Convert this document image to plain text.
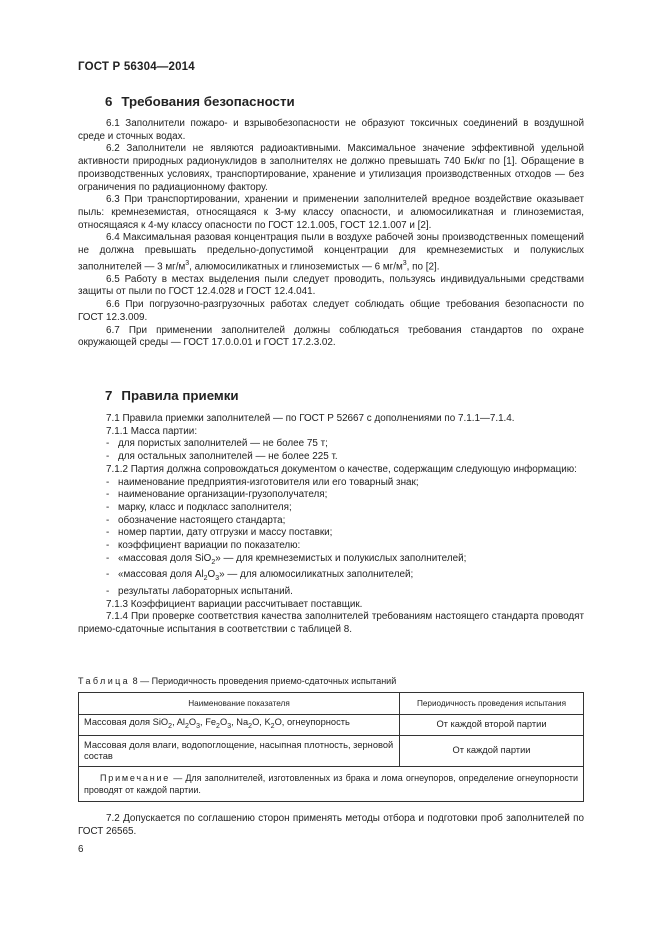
ГОСТ Р 56304—2014
6 Требования безопасности

6.1 Заполнители пожаро- и взрывобезопасности не образуют токсичных соединений в воздушной среде и сточных водах.

6.2 Заполнители не являются радиоактивными. Максимальное значение эффективной удельной активности природных радионуклидов в заполнителях не должно превышать 740 Бк/кг по [1]. Обращение в производственных условиях, транспортирование, хранение и утилизация производственных отходов — без ограничения по радиационному фактору.

6.3 При транспортировании, хранении и применении заполнителей вредное воздействие оказывает пыль: кремнеземистая, относящаяся к 3-му классу опасности, и алюмосиликатная и глиноземистая, относящаяся к 4-му классу опасности по ГОСТ 12.1.005, ГОСТ 12.1.007 и [2].

6.4 Максимальная разовая концентрация пыли в воздухе рабочей зоны производственных помещений не должна превышать предельно-допустимой концентрации для кремнеземистых и полукислых заполнителей — 3 $мг/м^3$, алюмосиликатных и глиноземистых — 6 $мг/м^3$, по [2].

6.5 Работу в местах выделения пыли следует проводить, пользуясь индивидуальными средствами защиты от пыли по ГОСТ 12.4.028 и ГОСТ 12.4.041.

6.6 При погрузочно-разгрузочных работах следует соблюдать общие требования безопасности по ГОСТ 12.3.009.

6.7 При применении заполнителей должны соблюдаться требования стандартов по охране окружающей среды — ГОСТ 17.0.0.01 и ГОСТ 17.2.3.02.

7 Правила приемки

7.1 Правила приемки заполнителей — по ГОСТ Р 52667 с дополнениями по 7.1.1—7.1.4.

7.1.1 Масса партии:

- для пористых заполнителей — не более 75 т;

- для остальных заполнителей — не более 225 т.

7.1.2 Партия должна сопровождаться документом о качестве, содержащим следующую информацию:

- наименование предприятия-изготовителя или его товарный знак;

- наименование организации-грузополучателя;

- марку, класс и подкласс заполнителя;

- обозначение настоящего стандарта;

- номер партии, дату отгрузки и массу поставки;

- коэффициент вариации по показателю:

- «массовая доля SiO$_2$» — для кремнеземистых и полукислых заполнителей;

- «массовая доля $Al_2O_3$» — для алюмосиликатных заполнителей;

- результаты лабораторных испытаний.

7.1.3 Коэффициент вариации рассчитывает поставщик.

7.1.4 При проверке соответствия качества заполнителей требованиям настоящего стандарта проводят приемо-сдаточные испытания в соответствии с таблицей 8.

Таблица 8 — Периодичность проведения приемо-сдаточных испытаний
Наименование показателя	Периодичность проведения испытания
Массовая доля SiO$_2$, $Al_2O_3$, $Fe_2O_3$, $Na_2O$, $K_2O$, огнеупорность	От каждой второй партии
Массовая доля влаги, водопоглощение, насыпная плотность, зерновой состав	От каждой партии
Примечание — Для заполнителей, изготовленных из брака и лома огнеупоров, определение огнеупорности проводят от каждой партии.	

7.2 Допускается по соглашению сторон применять методы отбора и подготовки проб заполнителей по ГОСТ 26565.

6
